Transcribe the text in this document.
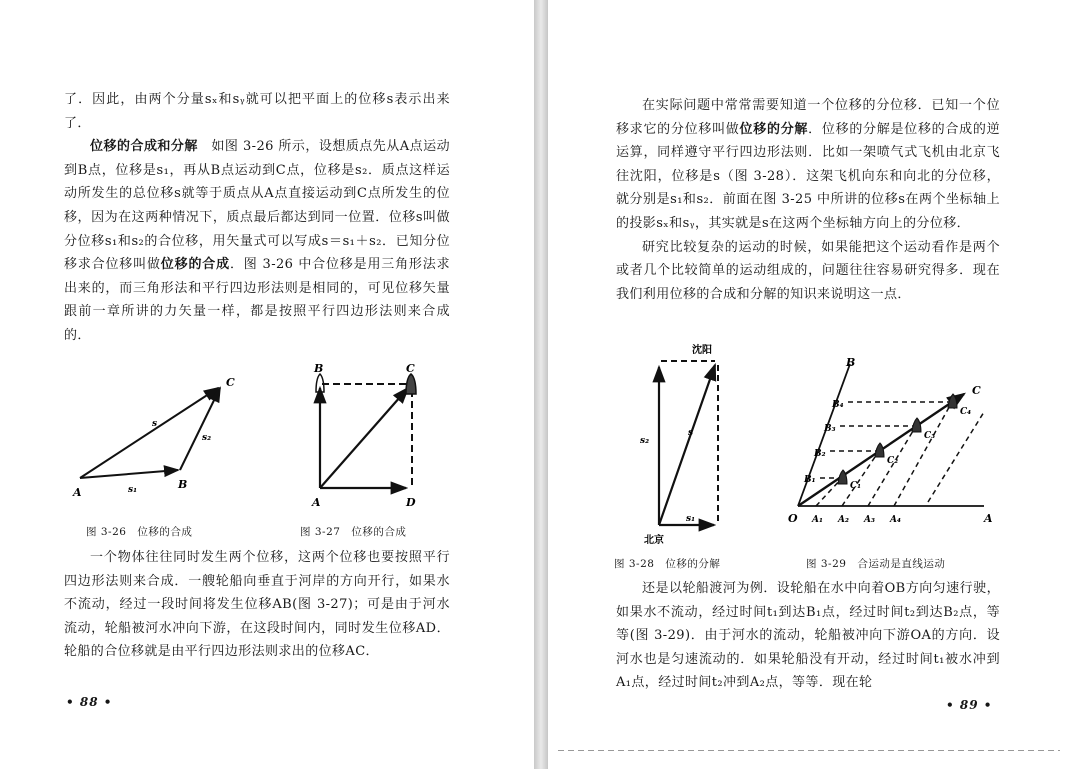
了．因此，由两个分量sₓ和sᵧ就可以把平面上的位移s表示出来了．

位移的合成和分解　 如图 3-26 所示，设想质点先从A点运动到B点，位移是s₁，再从B点运动到C点，位移是s₂．质点这样运动所发生的总位移s就等于质点从A点直接运动到C点所发生的位移，因为在这两种情况下，质点最后都达到同一位置．位移s叫做分位移s₁和s₂的合位移，用矢量式可以写成s＝s₁＋s₂．已知分位移求合位移叫做位移的合成．图 3-26 中合位移是用三角形法求出来的，而三角形法和平行四边形法则是相同的，可见位移矢量跟前一章所讲的力矢量一样，都是按照平行四边形法则来合成的．

A
B
C
s
s₂
s₁
B	C
A	D
图 3-26　位移的合成	图 3-27　位移的合成

一个物体往往同时发生两个位移，这两个位移也要按照平行四边形法则来合成．一艘轮船向垂直于河岸的方向开行，如果水不流动，经过一段时间将发生位移AB(图 3-27)；可是由于河水流动，轮船被河水冲向下游，在这段时间内，同时发生位移AD．轮船的合位移就是由平行四边形法则求出的位移AC．

• 88 •

在实际问题中常常需要知道一个位移的分位移．已知一个位移求它的分位移叫做位移的分解．位移的分解是位移的合成的逆运算，同样遵守平行四边形法则．比如一架喷气式飞机由北京飞往沈阳，位移是s（图 3-28）．这架飞机向东和向北的分位移，就分别是s₁和s₂．前面在图 3-25 中所讲的位移s在两个坐标轴上的投影sₓ和sᵧ，其实就是s在这两个坐标轴方向上的分位移．

研究比较复杂的运动的时候，如果能把这个运动看作是两个或者几个比较简单的运动组成的，问题往往容易研究得多．现在我们利用位移的合成和分解的知识来说明这一点．

沈阳
北京
s₂
s
s₁	O	A
B
C
A₁ A₂ A₃ A₄
B₁
B₂
B₃
B₄
C₁
C₂
C₃
C₄
图 3-28　位移的分解	图 3-29　合运动是直线运动

还是以轮船渡河为例．设轮船在水中向着OB方向匀速行驶，如果水不流动，经过时间t₁到达B₁点，经过时间t₂到达B₂点，等等(图 3-29)．由于河水的流动，轮船被冲向下游OA的方向．设河水也是匀速流动的．如果轮船没有开动，经过时间t₁被水冲到A₁点，经过时间t₂冲到A₂点，等等．现在轮

• 89 •
